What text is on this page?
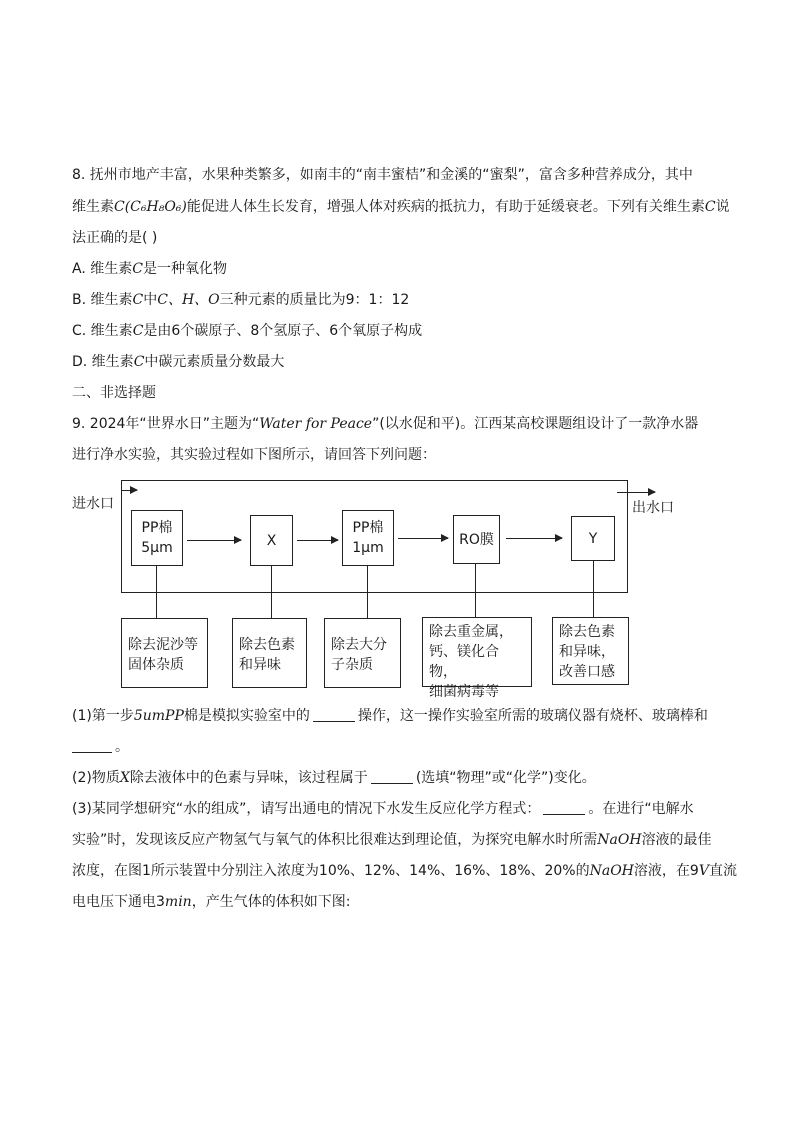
8. 抚州市地产丰富，水果种类繁多，如南丰的“南丰蜜桔”和金溪的“蜜梨”，富含多种营养成分，其中
维生素C(C₆H₈O₆)能促进人体生长发育，增强人体对疾病的抵抗力，有助于延缓衰老。下列有关维生素C说
法正确的是( )
A. 维生素C是一种氧化物
B. 维生素C中C、H、O三种元素的质量比为9：1：12
C. 维生素C是由6个碳原子、8个氢原子、6个氧原子构成
D. 维生素C中碳元素质量分数最大
二、非选择题
9. 2024年“世界水日”主题为“Water for Peace”(以水促和平)。江西某高校课题组设计了一款净水器
进行净水实验，其实验过程如下图所示，请回答下列问题：
进水口	出水口
PP棉
5μm	X
PP棉
1μm
RO膜	Y
除去泥沙等
固体杂质
除去色素
和异味
除去大分
子杂质
除去重金属，
钙、镁化合物，
细菌病毒等
除去色素
和异味，
改善口感
(1)第一步5umPP棉是模拟实验室中的	操作，这一操作实验室所需的玻璃仪器有烧杯、玻璃棒和
。
(2)物质X除去液体中的色素与异味，该过程属于	(选填“物理”或“化学”)变化。
(3)某同学想研究“水的组成”，请写出通电的情况下水发生反应化学方程式：	。在进行“电解水
实验”时，发现该反应产物氢气与氧气的体积比很难达到理论值，为探究电解水时所需NaOH溶液的最佳
浓度，在图1所示装置中分别注入浓度为10%、12%、14%、16%、18%、20%的NaOH溶液，在9V直流
电电压下通电3min，产生气体的体积如下图:
